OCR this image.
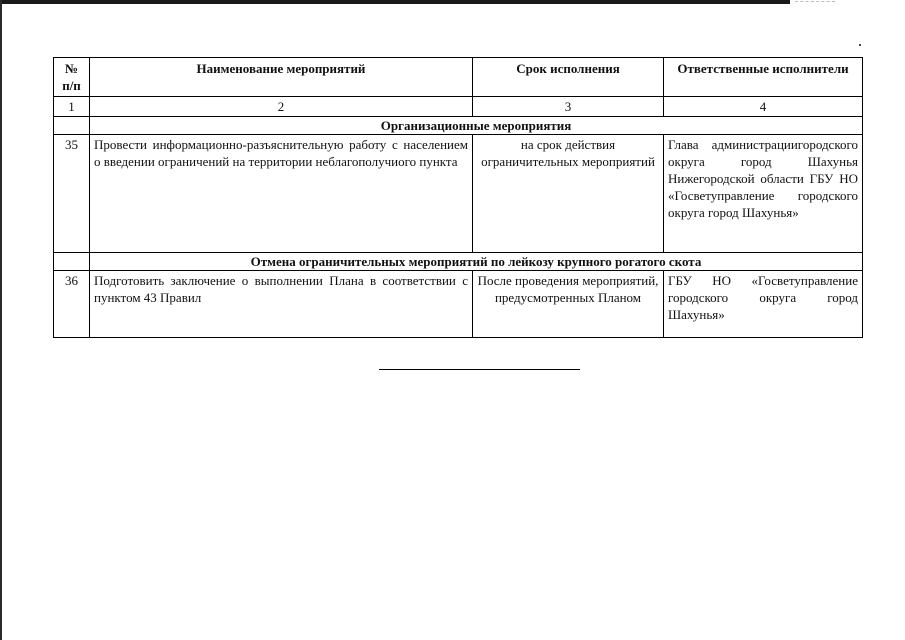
№ п/п	Наименование мероприятий	Срок исполнения	Ответственные исполнители
1	2	3	4
	Организационные мероприятия		
35	Провести информационно-разъяснительную работу с населением о введении ограничений на территории неблагополучиого пункта	на срок действия ограничительных мероприятий	Глава администрациигородского округа город Шахунья Нижегородской области ГБУ НО «Госветуправление городского округа город Шахунья»
	Отмена ограничительных мероприятий по лейкозу крупного рогатого скота		
36	Подготовить заключение о выполнении Плана в соответствии с пунктом 43 Правил	После проведения мероприятий, предусмотренных Планом	ГБУ НО «Госветуправление городского округа город Шахунья»
